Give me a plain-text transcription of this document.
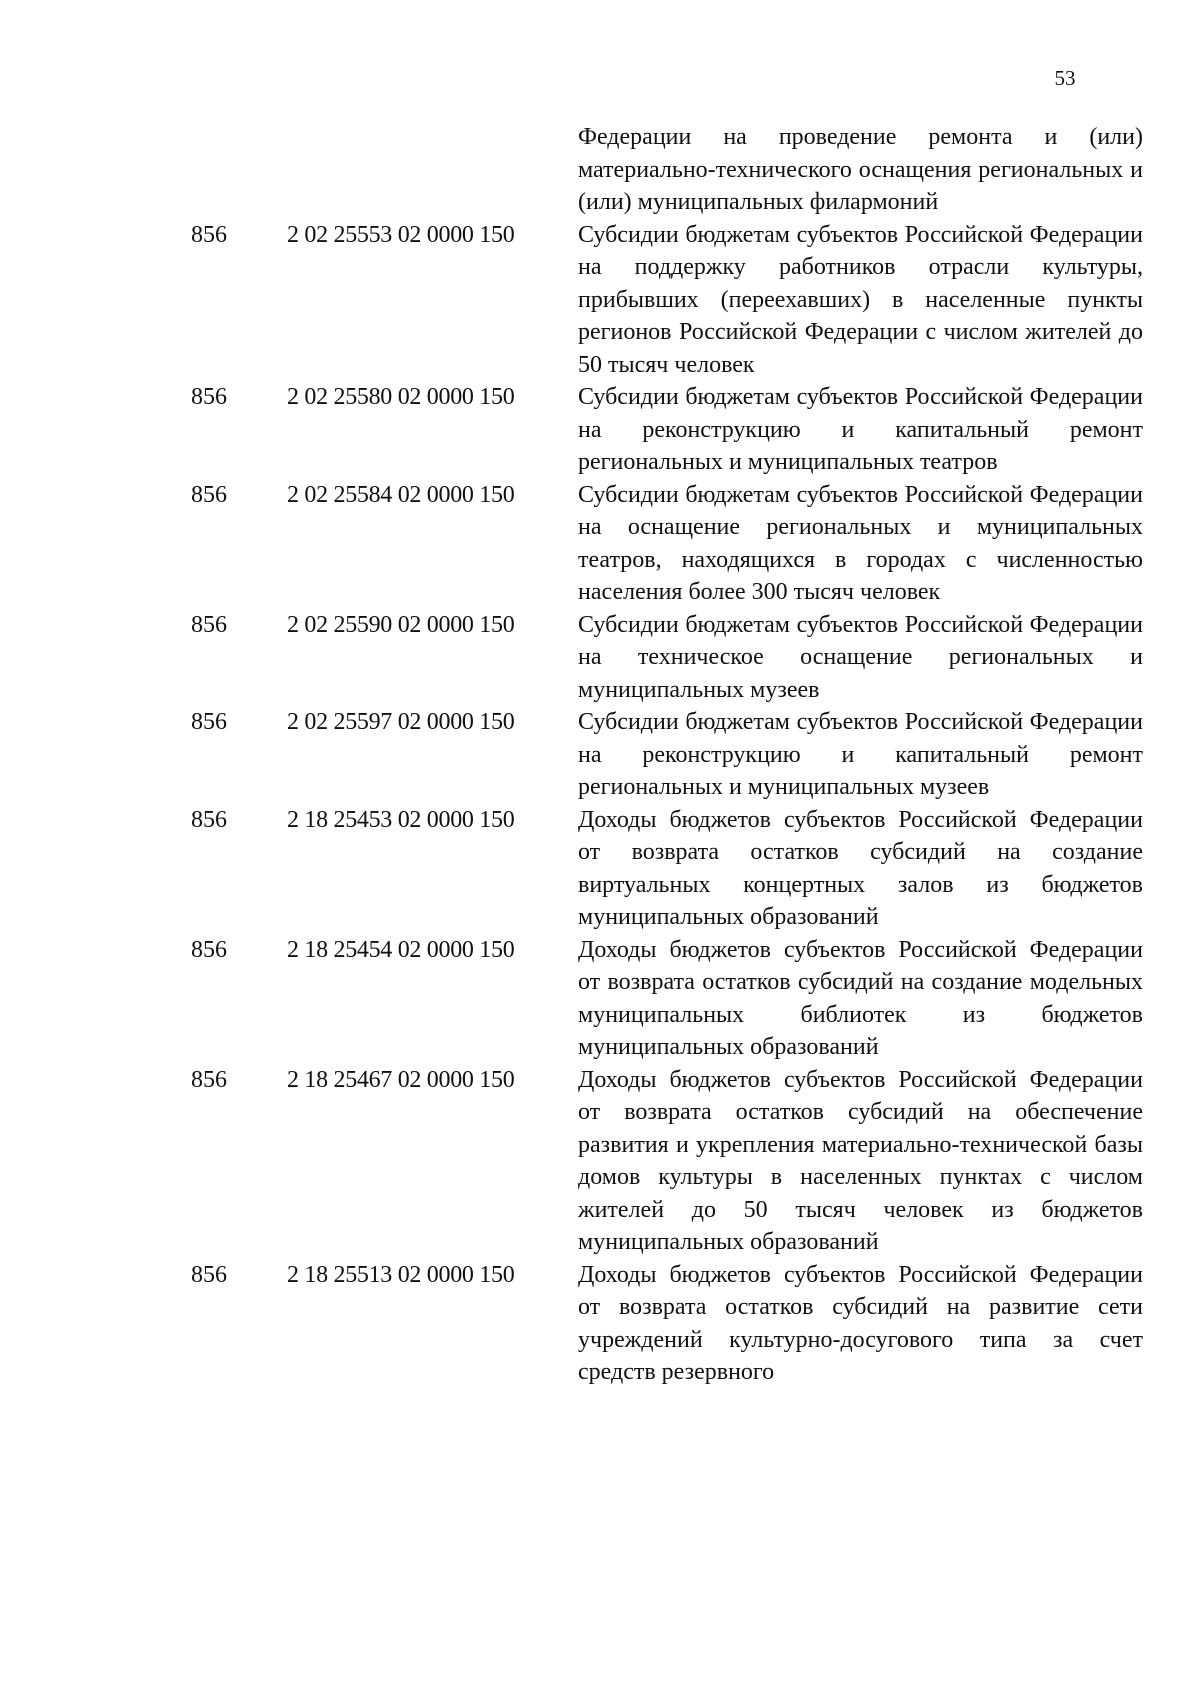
53
Федерации на проведение ремонта и (или) материально-технического оснащения региональных и (или) муниципальных филармоний
856	2 02 25553 02 0000 150	Субсидии бюджетам субъектов Российской Федерации на поддержку работников отрасли культуры, прибывших (переехавших) в населенные пункты регионов Российской Федерации с числом жителей до 50 тысяч человек
856	2 02 25580 02 0000 150	Субсидии бюджетам субъектов Российской Федерации на реконструкцию и капитальный ремонт региональных и муниципальных театров
856	2 02 25584 02 0000 150	Субсидии бюджетам субъектов Российской Федерации на оснащение региональных и муниципальных театров, находящихся в городах с численностью населения более 300 тысяч человек
856	2 02 25590 02 0000 150	Субсидии бюджетам субъектов Российской Федерации на техническое оснащение региональных и муниципальных музеев
856	2 02 25597 02 0000 150	Субсидии бюджетам субъектов Российской Федерации на реконструкцию и капитальный ремонт региональных и муниципальных музеев
856	2 18 25453 02 0000 150	Доходы бюджетов субъектов Российской Федерации от возврата остатков субсидий на создание виртуальных концертных залов из бюджетов муниципальных образований
856	2 18 25454 02 0000 150	Доходы бюджетов субъектов Российской Федерации от возврата остатков субсидий на создание модельных муниципальных библиотек из бюджетов муниципальных образований
856	2 18 25467 02 0000 150	Доходы бюджетов субъектов Российской Федерации от возврата остатков субсидий на обеспечение развития и укрепления материально-технической базы домов культуры в населенных пунктах с числом жителей до 50 тысяч человек из бюджетов муниципальных образований
856	2 18 25513 02 0000 150	Доходы бюджетов субъектов Российской Федерации от возврата остатков субсидий на развитие сети учреждений культурно-досугового типа за счет средств резервного
